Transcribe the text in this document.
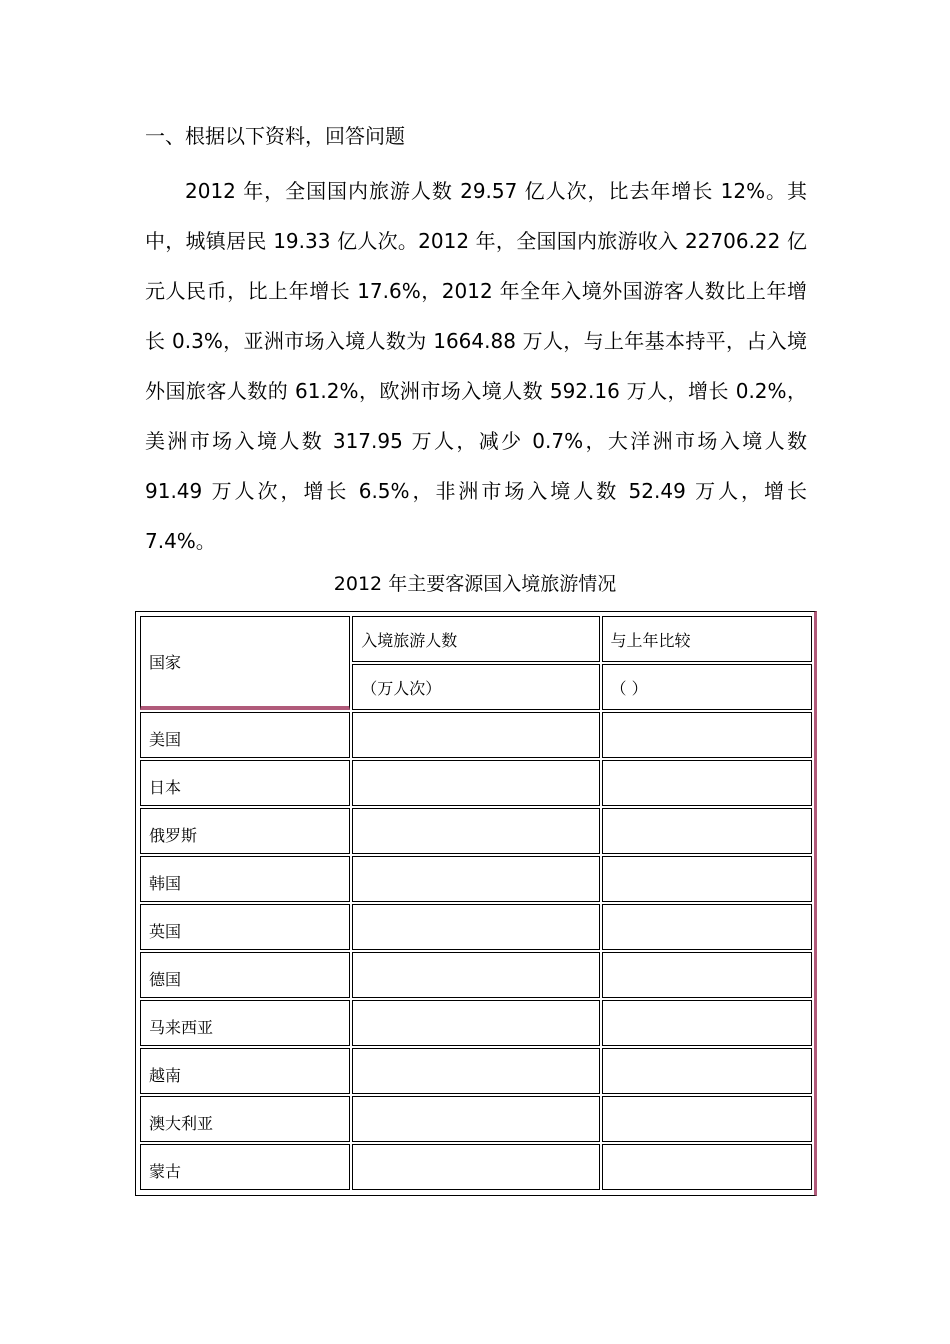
一、根据以下资料，回答问题

2012 年，全国国内旅游人数 29.57 亿人次，比去年增长 12%。其中，城镇居民 19.33 亿人次。2012 年，全国国内旅游收入 22706.22 亿元人民币，比上年增长 17.6%，2012 年全年入境外国游客人数比上年增长 0.3%，亚洲市场入境人数为 1664.88 万人，与上年基本持平，占入境外国旅客人数的 61.2%，欧洲市场入境人数 592.16 万人，增长 0.2%，美洲市场入境人数 317.95 万人，减少 0.7%，大洋洲市场入境人数 91.49 万人次，增长 6.5%，非洲市场入境人数 52.49 万人，增长 7.4%。

2012 年主要客源国入境旅游情况
国家	入境旅游人数	与上年比较
	（万人次）	（ ）
美国		
日本		
俄罗斯		
韩国		
英国		
德国		
马来西亚		
越南		
澳大利亚		
蒙古		
